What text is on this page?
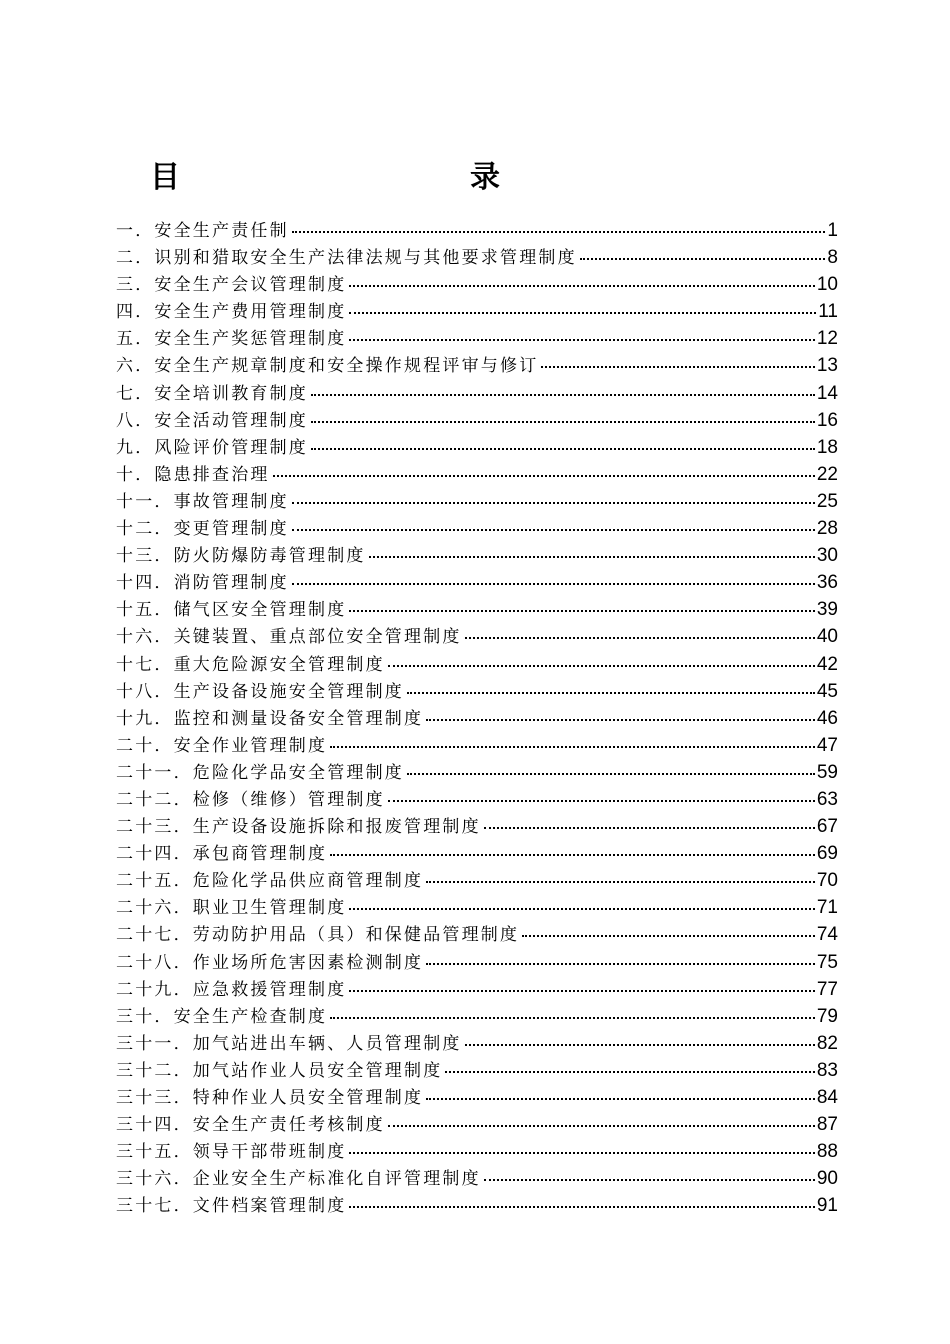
目　录
一．安全生产责任制	1
二．识别和猎取安全生产法律法规与其他要求管理制度	8
三．安全生产会议管理制度	10
四．安全生产费用管理制度	11
五．安全生产奖惩管理制度	12
六．安全生产规章制度和安全操作规程评审与修订	13
七．安全培训教育制度	14
八．安全活动管理制度	16
九．风险评价管理制度	18
十．隐患排查治理	22
十一．事故管理制度	25
十二．变更管理制度	28
十三．防火防爆防毒管理制度	30
十四．消防管理制度	36
十五．储气区安全管理制度	39
十六．关键装置、重点部位安全管理制度	40
十七．重大危险源安全管理制度	42
十八．生产设备设施安全管理制度	45
十九．监控和测量设备安全管理制度	46
二十．安全作业管理制度	47
二十一．危险化学品安全管理制度	59
二十二．检修（维修）管理制度	63
二十三．生产设备设施拆除和报废管理制度	67
二十四．承包商管理制度	69
二十五．危险化学品供应商管理制度	70
二十六．职业卫生管理制度	71
二十七．劳动防护用品（具）和保健品管理制度	74
二十八．作业场所危害因素检测制度	75
二十九．应急救援管理制度	77
三十．安全生产检查制度	79
三十一．加气站进出车辆、人员管理制度	82
三十二．加气站作业人员安全管理制度	83
三十三．特种作业人员安全管理制度	84
三十四．安全生产责任考核制度	87
三十五．领导干部带班制度	88
三十六．企业安全生产标准化自评管理制度	90
三十七．文件档案管理制度	91
